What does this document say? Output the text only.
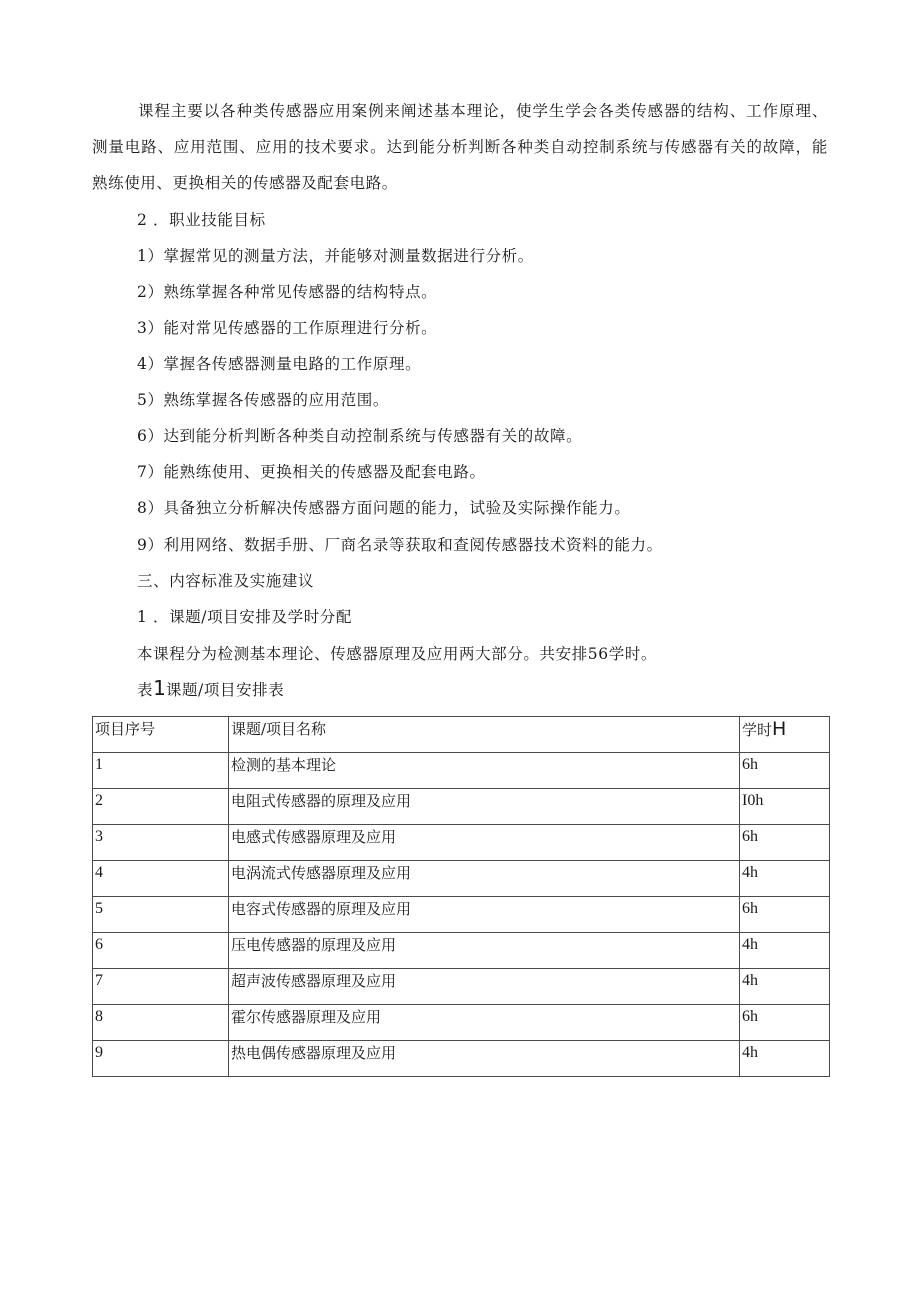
课程主要以各种类传感器应用案例来阐述基本理论，使学生学会各类传感器的结构、工作原理、测量电路、应用范围、应用的技术要求。达到能分析判断各种类自动控制系统与传感器有关的故障，能熟练使用、更换相关的传感器及配套电路。

2 ．职业技能目标

1）掌握常见的测量方法，并能够对测量数据进行分析。

2）熟练掌握各种常见传感器的结构特点。

3）能对常见传感器的工作原理进行分析。

4）掌握各传感器测量电路的工作原理。

5）熟练掌握各传感器的应用范围。

6）达到能分析判断各种类自动控制系统与传感器有关的故障。

7）能熟练使用、更换相关的传感器及配套电路。

8）具备独立分析解决传感器方面问题的能力，试验及实际操作能力。

9）利用网络、数据手册、厂商名录等获取和查阅传感器技术资料的能力。

三、内容标准及实施建议

1 ．课题/项目安排及学时分配

本课程分为检测基本理论、传感器原理及应用两大部分。共安排56学时。

表1课题/项目安排表

项目序号	课题/项目名称	学时H
1	检测的基本理论	6h
2	电阻式传感器的原理及应用	I0h
3	电感式传感器原理及应用	6h
4	电涡流式传感器原理及应用	4h
5	电容式传感器的原理及应用	6h
6	压电传感器的原理及应用	4h
7	超声波传感器原理及应用	4h
8	霍尔传感器原理及应用	6h
9	热电偶传感器原理及应用	4h
